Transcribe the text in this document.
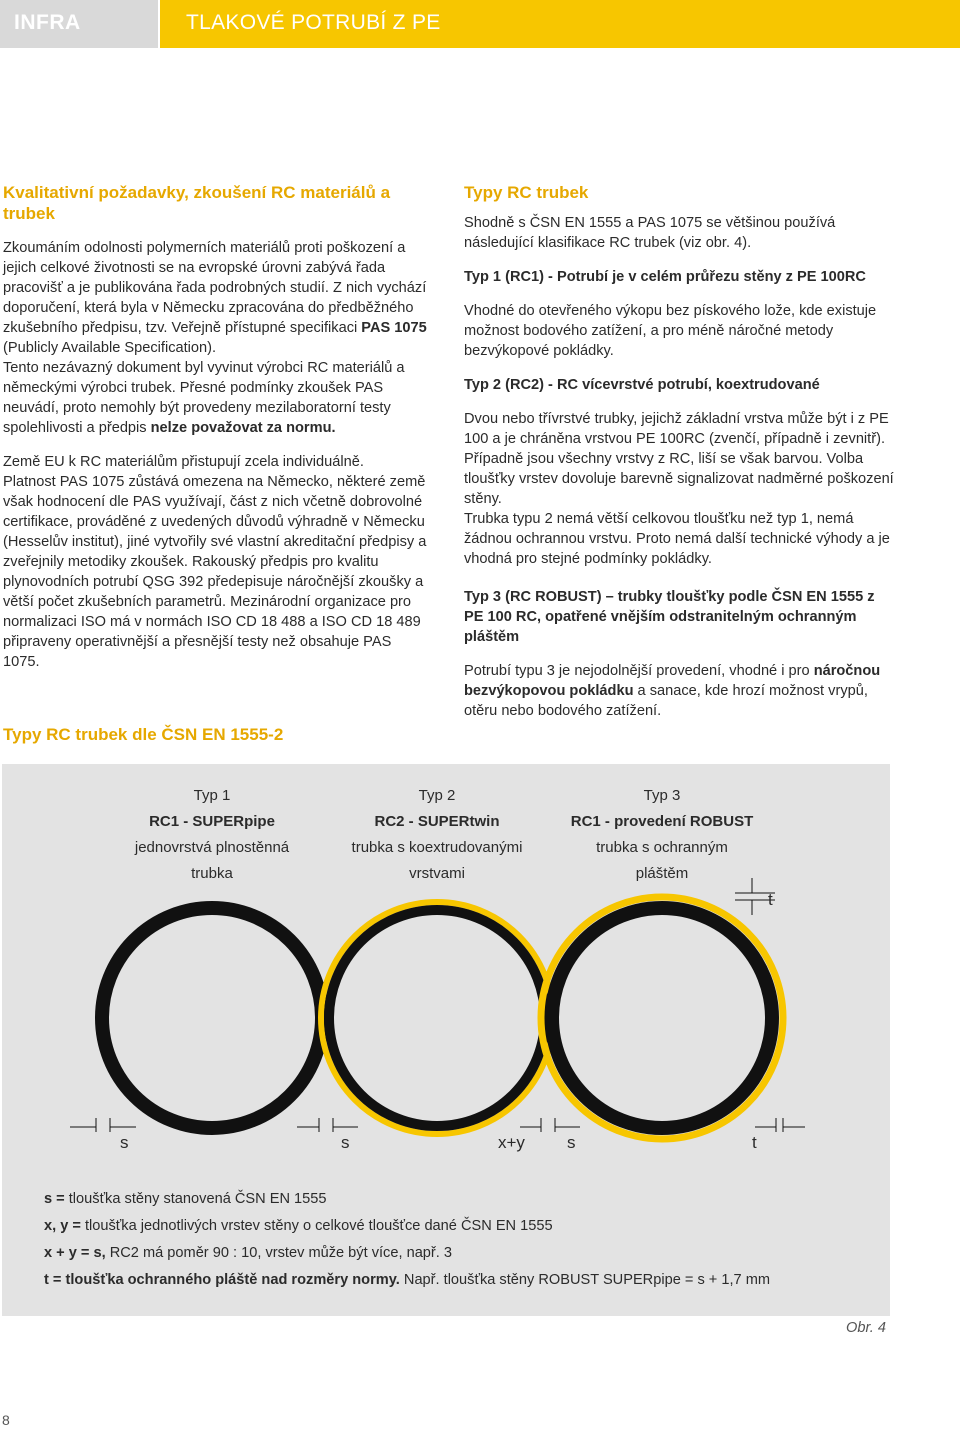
INFRA	TLAKOVÉ POTRUBÍ Z PE

Kvalitativní požadavky, zkoušení RC materiálů a trubek

Zkoumáním odolnosti polymerních materiálů proti poškození a jejich celkové životnosti se na evropské úrovni zabývá řada pracovišť a je publikována řada podrobných studií. Z nich vychází doporučení, která byla v Německu zpracována do předběžného zkušebního předpisu, tzv. Veřejně přístupné specifikaci PAS 1075 (Publicly Available Specification).

Tento nezávazný dokument byl vyvinut výrobci RC materiálů a německými výrobci trubek. Přesné podmínky zkoušek PAS neuvádí, proto nemohly být provedeny mezilaboratorní testy spolehlivosti a předpis nelze považovat za normu.

Země EU k RC materiálům přistupují zcela individuálně.

Platnost PAS 1075 zůstává omezena na Německo, některé země však hodnocení dle PAS využívají, část z nich včetně dobrovolné certifikace, prováděné z uvedených důvodů výhradně v Německu (Hesselův institut), jiné vytvořily své vlastní akreditační předpisy a zveřejnily metodiky zkoušek. Rakouský předpis pro kvalitu plynovodních potrubí QSG 392 předepisuje náročnější zkoušky a větší počet zkušebních parametrů. Mezinárodní organizace pro normalizaci ISO má v normách ISO CD 18 488 a ISO CD 18 489 připraveny operativnější a přesnější testy než obsahuje PAS 1075.

Typy RC trubek dle ČSN EN 1555-2

Typy RC trubek

Shodně s ČSN EN 1555 a PAS 1075 se většinou používá následující klasifikace RC trubek (viz obr. 4).

Typ 1 (RC1) - Potrubí je v celém průřezu stěny z PE 100RC

Vhodné do otevřeného výkopu bez pískového lože, kde existuje možnost bodového zatížení, a pro méně náročné metody bezvýkopové pokládky.

Typ 2 (RC2) - RC vícevrstvé potrubí, koextrudované

Dvou nebo třívrstvé trubky, jejichž základní vrstva může být i z PE 100 a je chráněna vrstvou PE 100RC (zvenčí, případně i zevnitř). Případně jsou všechny vrstvy z RC, liší se však barvou. Volba tloušťky vrstev dovoluje barevně signalizovat nadměrné poškození stěny.

Trubka typu 2 nemá větší celkovou tloušťku než typ 1, nemá žádnou ochrannou vrstvu. Proto nemá další technické výhody a je vhodná pro stejné podmínky pokládky.

Typ 3 (RC ROBUST) – trubky tloušťky podle ČSN EN 1555 z PE 100 RC, opatřené vnějším odstranitelným ochranným pláštěm

Potrubí typu 3 je nejodolnější provedení, vhodné i pro náročnou bezvýkopovou pokládku a sanace, kde hrozí možnost vrypů, otěru nebo bodového zatížení.

Typ 1
RC1 - SUPERpipe
jednovrstvá plnostěnná
trubka
Typ 2
RC2 - SUPERtwin
trubka s koextrudovanými
vrstvami
Typ 3
RC1 - provedení ROBUST
trubka s ochranným
pláštěm
s	s	x+y s	t
t

s = tloušťka stěny stanovená ČSN EN 1555

x, y = tloušťka jednotlivých vrstev stěny o celkové tloušťce dané ČSN EN 1555

x + y = s, RC2 má poměr 90 : 10, vrstev může být více, např. 3

t = tloušťka ochranného pláště nad rozměry normy. Např. tloušťka stěny ROBUST SUPERpipe = s + 1,7 mm

Obr. 4
8
